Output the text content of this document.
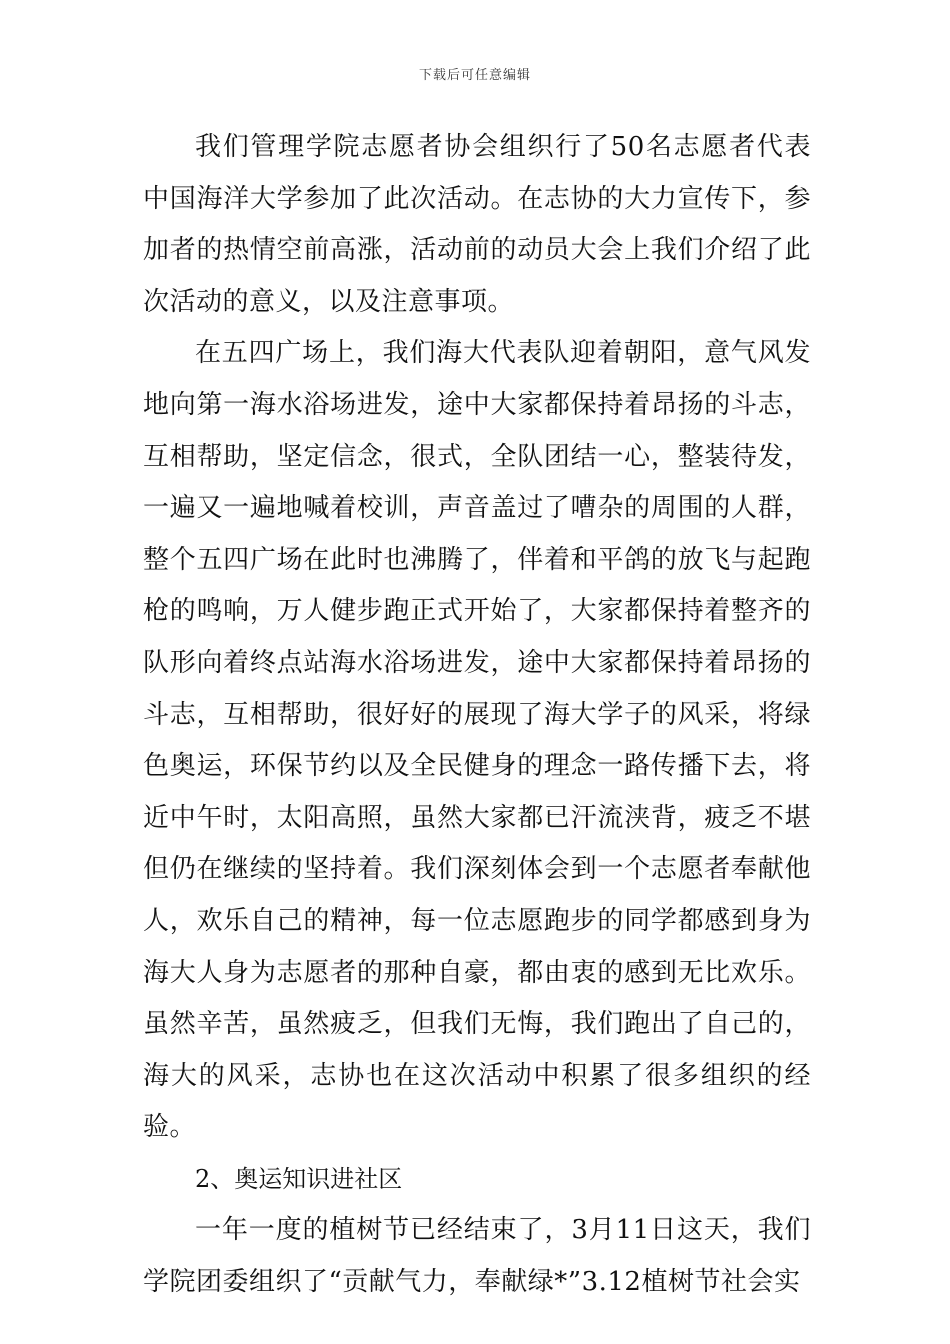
下载后可任意编辑

我们管理学院志愿者协会组织行了50名志愿者代表中国海洋大学参加了此次活动。在志协的大力宣传下，参加者的热情空前高涨，活动前的动员大会上我们介绍了此次活动的意义，以及注意事项。

在五四广场上，我们海大代表队迎着朝阳，意气风发地向第一海水浴场进发，途中大家都保持着昂扬的斗志，互相帮助，坚定信念，很式，全队团结一心，整装待发，一遍又一遍地喊着校训，声音盖过了嘈杂的周围的人群，整个五四广场在此时也沸腾了，伴着和平鸽的放飞与起跑枪的鸣响，万人健步跑正式开始了，大家都保持着整齐的队形向着终点站海水浴场进发，途中大家都保持着昂扬的斗志，互相帮助，很好好的展现了海大学子的风采，将绿色奥运，环保节约以及全民健身的理念一路传播下去，将近中午时，太阳高照，虽然大家都已汗流浃背，疲乏不堪但仍在继续的坚持着。我们深刻体会到一个志愿者奉献他人，欢乐自己的精神，每一位志愿跑步的同学都感到身为海大人身为志愿者的那种自豪，都由衷的感到无比欢乐。虽然辛苦，虽然疲乏，但我们无悔，我们跑出了自己的，海大的风采，志协也在这次活动中积累了很多组织的经验。

2、奥运知识进社区

一年一度的植树节已经结束了，3月11日这天，我们学院团委组织了“贡献气力，奉献绿*”3.12植树节社会实
